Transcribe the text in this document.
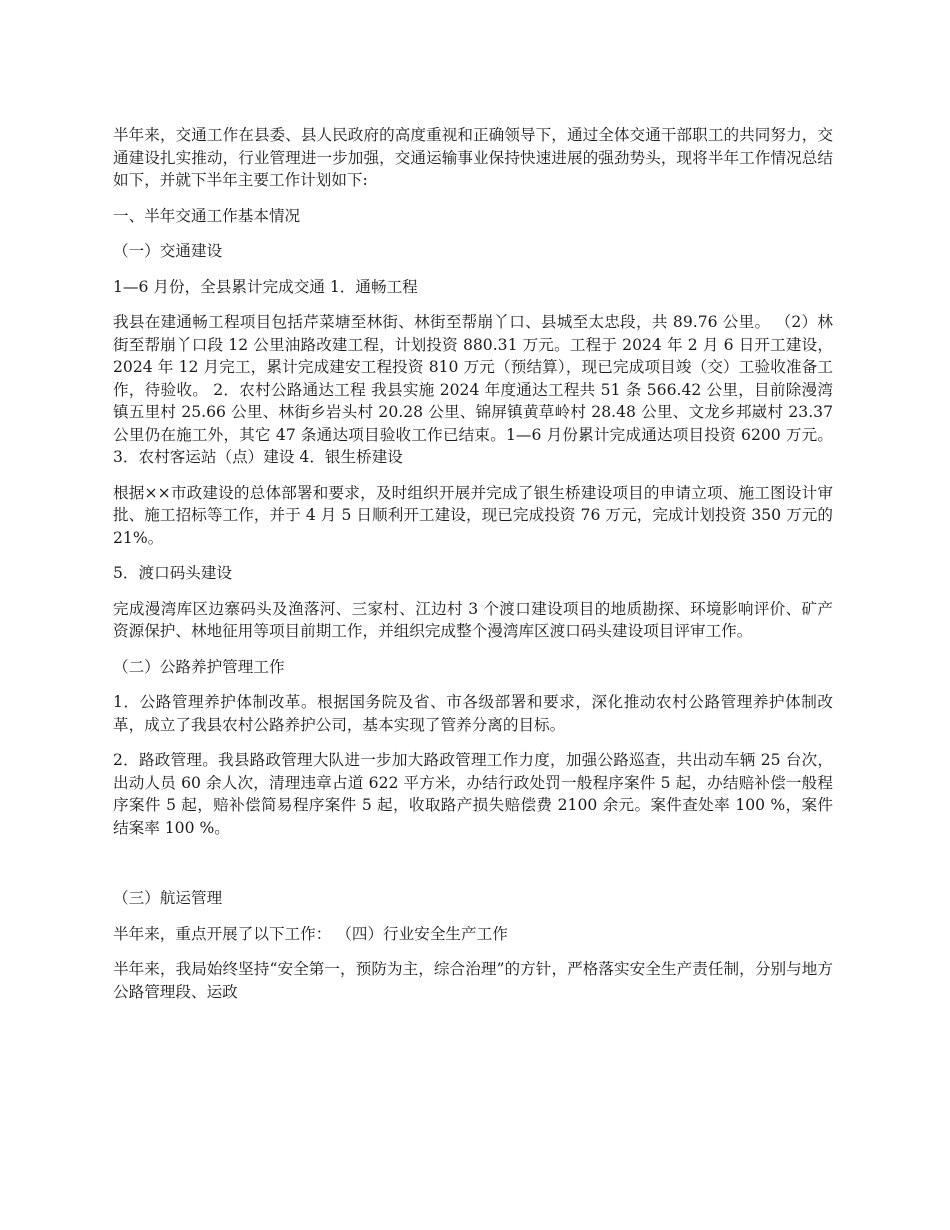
半年来，交通工作在县委、县人民政府的高度重视和正确领导下，通过全体交通干部职工的共同努力，交通建设扎实推动，行业管理进一步加强，交通运输事业保持快速进展的强劲势头，现将半年工作情况总结如下，并就下半年主要工作计划如下:

一、半年交通工作基本情况

（一）交通建设

1—6 月份，全县累计完成交通 1．通畅工程

我县在建通畅工程项目包括芹菜塘至林街、林街至帮崩丫口、县城至太忠段，共 89.76 公里。 （2）林街至帮崩丫口段 12 公里油路改建工程，计划投资 880.31 万元。工程于 2024 年 2 月 6 日开工建设，2024 年 12 月完工，累计完成建安工程投资 810 万元（预结算），现已完成项目竣（交）工验收准备工作，待验收。 2．农村公路通达工程 我县实施 2024 年度通达工程共 51 条 566.42 公里，目前除漫湾镇五里村 25.66 公里、林街乡岩头村 20.28 公里、锦屏镇黄草岭村 28.48 公里、文龙乡邦崴村 23.37 公里仍在施工外，其它 47 条通达项目验收工作已结束。1—6 月份累计完成通达项目投资 6200 万元。 3．农村客运站（点）建设 4．银生桥建设

根据××市政建设的总体部署和要求，及时组织开展并完成了银生桥建设项目的申请立项、施工图设计审批、施工招标等工作，并于 4 月 5 日顺利开工建设，现已完成投资 76 万元，完成计划投资 350 万元的 21%。

5．渡口码头建设

完成漫湾库区边寨码头及渔落河、三家村、江边村 3 个渡口建设项目的地质勘探、环境影响评价、矿产资源保护、林地征用等项目前期工作，并组织完成整个漫湾库区渡口码头建设项目评审工作。

（二）公路养护管理工作

1．公路管理养护体制改革。根据国务院及省、市各级部署和要求，深化推动农村公路管理养护体制改革，成立了我县农村公路养护公司，基本实现了管养分离的目标。

2．路政管理。我县路政管理大队进一步加大路政管理工作力度，加强公路巡查，共出动车辆 25 台次，出动人员 60 余人次，清理违章占道 622 平方米，办结行政处罚一般程序案件 5 起，办结赔补偿一般程序案件 5 起，赔补偿简易程序案件 5 起，收取路产损失赔偿费 2100 余元。案件查处率 100 %，案件结案率 100 %。

（三）航运管理

半年来，重点开展了以下工作： （四）行业安全生产工作

半年来，我局始终坚持“安全第一，预防为主，综合治理”的方针，严格落实安全生产责任制，分别与地方公路管理段、运政
